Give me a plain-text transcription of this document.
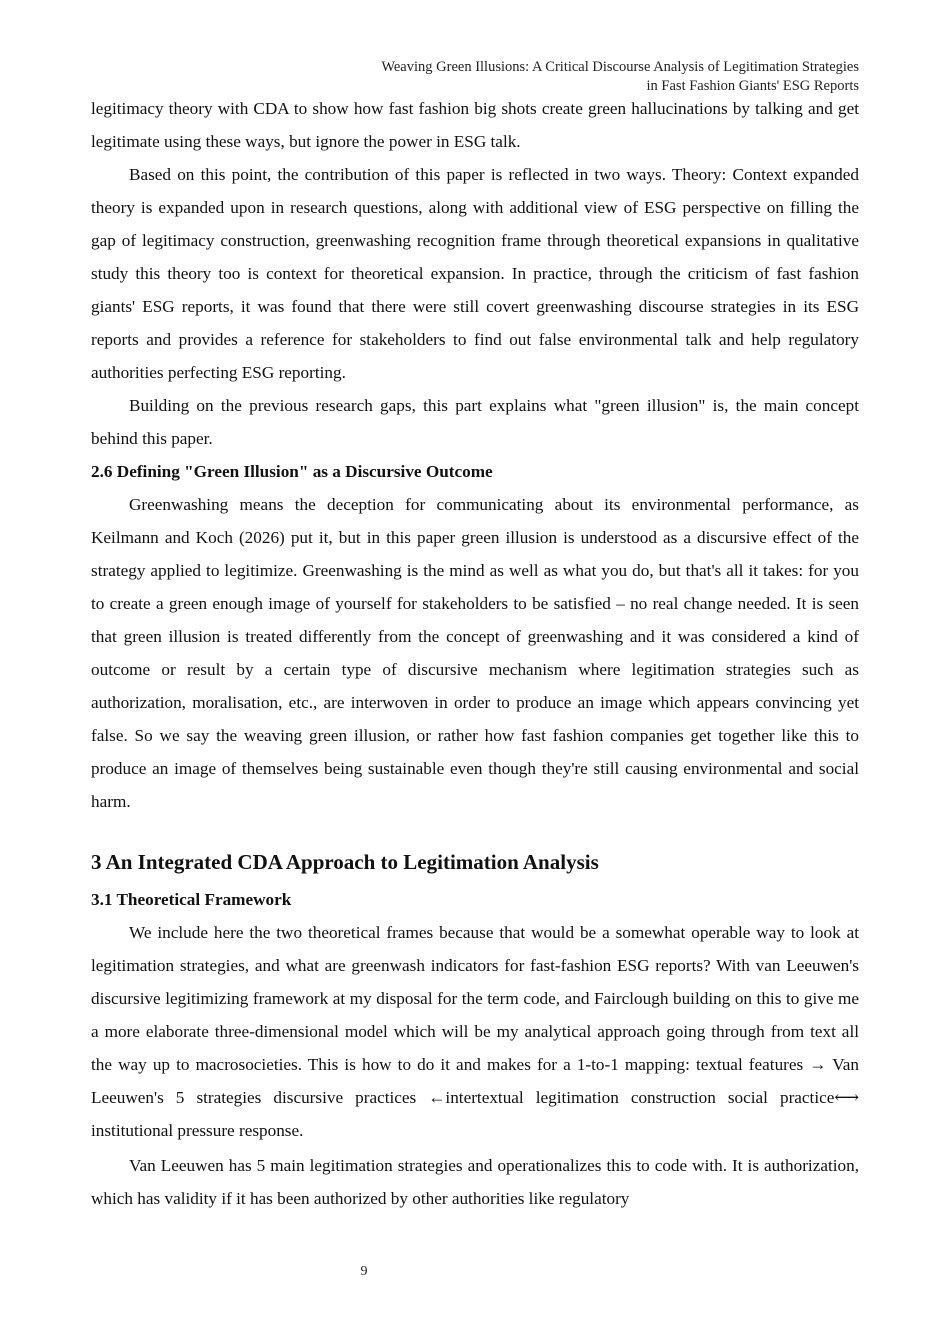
Weaving Green Illusions: A Critical Discourse Analysis of Legitimation Strategies
in Fast Fashion Giants' ESG Reports

legitimacy theory with CDA to show how fast fashion big shots create green hallucinations by talking and get legitimate using these ways, but ignore the power in ESG talk.

Based on this point, the contribution of this paper is reflected in two ways. Theory: Context expanded theory is expanded upon in research questions, along with additional view of ESG perspective on filling the gap of legitimacy construction, greenwashing recognition frame through theoretical expansions in qualitative study this theory too is context for theoretical expansion. In practice, through the criticism of fast fashion giants' ESG reports, it was found that there were still covert greenwashing discourse strategies in its ESG reports and provides a reference for stakeholders to find out false environmental talk and help regulatory authorities perfecting ESG reporting.

Building on the previous research gaps, this part explains what "green illusion" is, the main concept behind this paper.

2.6 Defining "Green Illusion" as a Discursive Outcome

Greenwashing means the deception for communicating about its environmental performance, as Keilmann and Koch (2026) put it, but in this paper green illusion is understood as a discursive effect of the strategy applied to legitimize. Greenwashing is the mind as well as what you do, but that's all it takes: for you to create a green enough image of yourself for stakeholders to be satisfied – no real change needed. It is seen that green illusion is treated differently from the concept of greenwashing and it was considered a kind of outcome or result by a certain type of discursive mechanism where legitimation strategies such as authorization, moralisation, etc., are interwoven in order to produce an image which appears convincing yet false. So we say the weaving green illusion, or rather how fast fashion companies get together like this to produce an image of themselves being sustainable even though they're still causing environmental and social harm.

3 An Integrated CDA Approach to Legitimation Analysis
3.1 Theoretical Framework

We include here the two theoretical frames because that would be a somewhat operable way to look at legitimation strategies, and what are greenwash indicators for fast-fashion ESG reports? With van Leeuwen's discursive legitimizing framework at my disposal for the term code, and Fairclough building on this to give me a more elaborate three-dimensional model which will be my analytical approach going through from text all the way up to macrosocieties. This is how to do it and makes for a 1-to-1 mapping: textual features → Van Leeuwen's 5 strategies discursive practices ←intertextual legitimation construction social practice⟷ institutional pressure response.

Van Leeuwen has 5 main legitimation strategies and operationalizes this to code with. It is authorization, which has validity if it has been authorized by other authorities like regulatory

9
